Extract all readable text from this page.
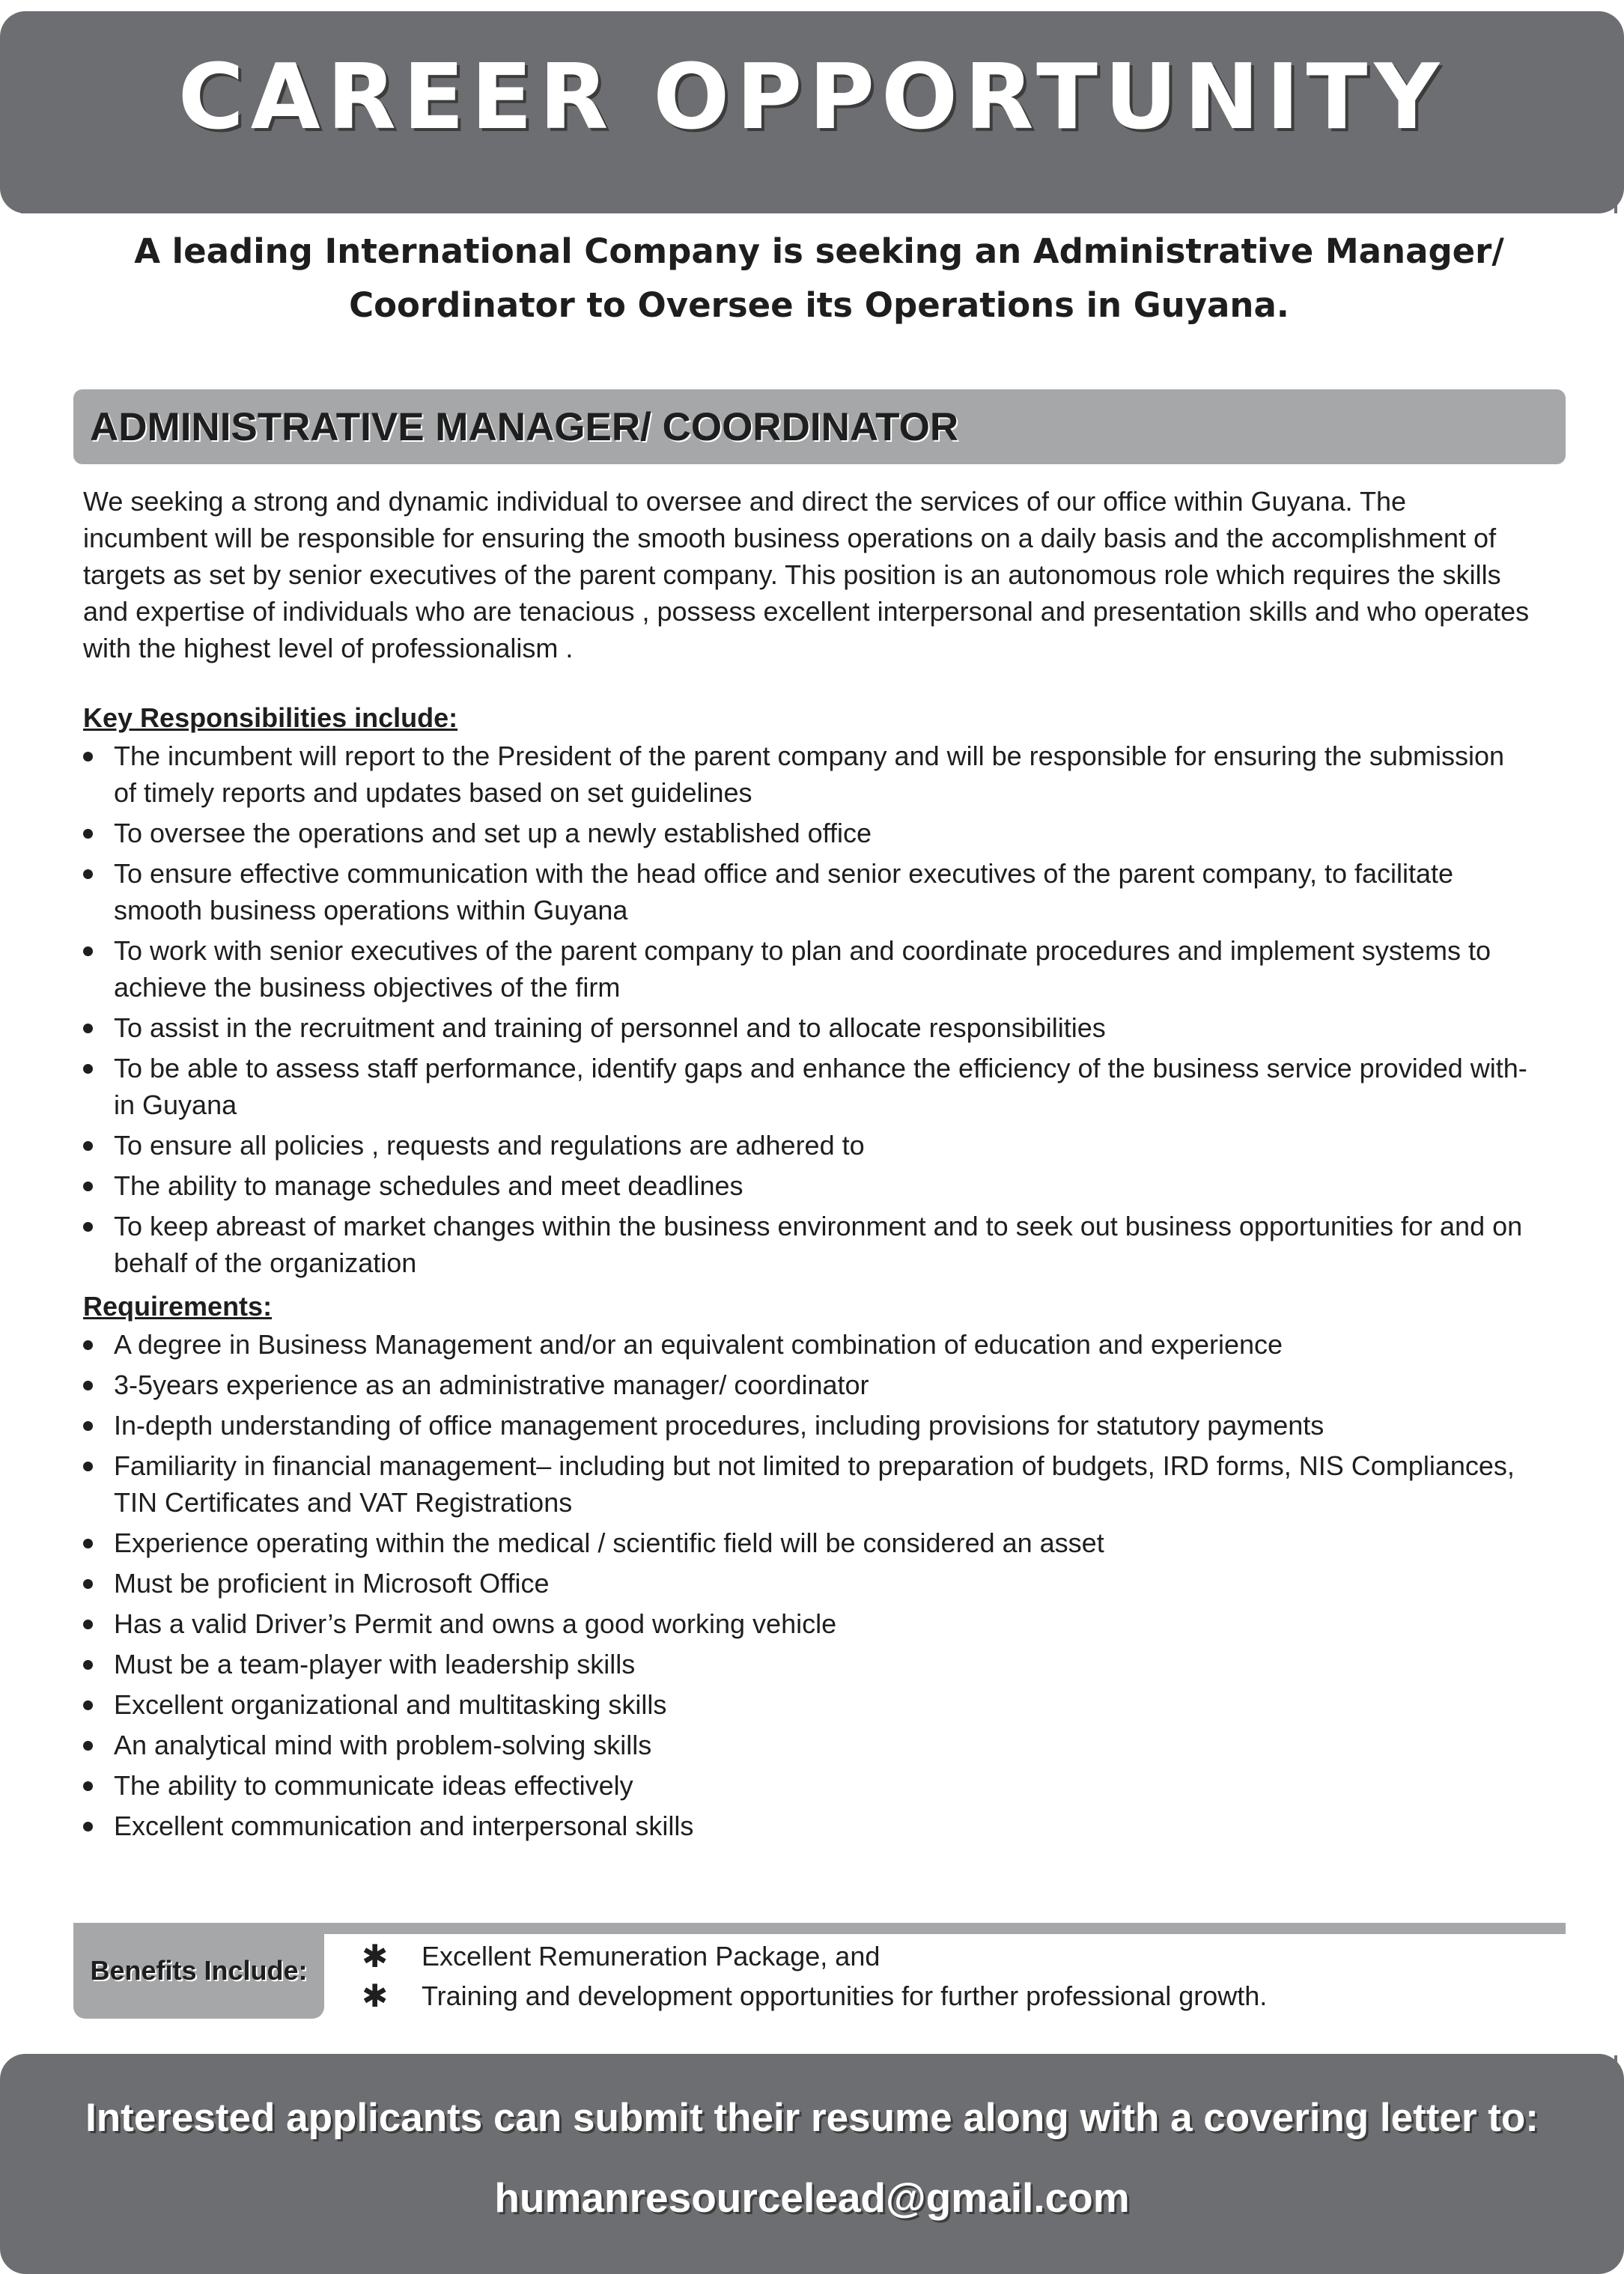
CAREER OPPORTUNITY
A leading International Company is seeking an Administrative Manager/
Coordinator to Oversee its Operations in Guyana.
ADMINISTRATIVE MANAGER/ COORDINATOR
We seeking a strong and dynamic individual to oversee and direct the services of our office within Guyana. The
incumbent will be responsible for ensuring the smooth business operations on a daily basis and the accomplishment of
targets as set by senior executives of the parent company. This position is an autonomous role which requires the skills
and expertise of individuals who are tenacious , possess excellent interpersonal and presentation skills and who operates
with the highest level of professionalism .
Key Responsibilities include:
The incumbent will report to the President of the parent company and will be responsible for ensuring the submission
of timely reports and updates based on set guidelines
To oversee the operations and set up a newly established office
To ensure effective communication with the head office and senior executives of the parent company, to facilitate
smooth business operations within Guyana
To work with senior executives of the parent company to plan and coordinate procedures and implement systems to
achieve the business objectives of the firm
To assist in the recruitment and training of personnel and to allocate responsibilities
To be able to assess staff performance, identify gaps and enhance the efficiency of the business service provided with-
in Guyana
To ensure all policies , requests and regulations are adhered to
The ability to manage schedules and meet deadlines
To keep abreast of market changes within the business environment and to seek out business opportunities for and on
behalf of the organization
Requirements:
A degree in Business Management and/or an equivalent combination of education and experience
3-5years experience as an administrative manager/ coordinator
In-depth understanding of office management procedures, including provisions for statutory payments
Familiarity in financial management– including but not limited to preparation of budgets, IRD forms, NIS Compliances,
TIN Certificates and VAT Registrations
Experience operating within the medical / scientific field will be considered an asset
Must be proficient in Microsoft Office
Has a valid Driver’s Permit and owns a good working vehicle
Must be a team-player with leadership skills
Excellent organizational and multitasking skills
An analytical mind with problem-solving skills
The ability to communicate ideas effectively
Excellent communication and interpersonal skills
Benefits Include:	✱ Excellent Remuneration Package, and
✱ Training and development opportunities for further professional growth.
Interested applicants can submit their resume along with a covering letter to:
humanresourcelead@gmail.com
